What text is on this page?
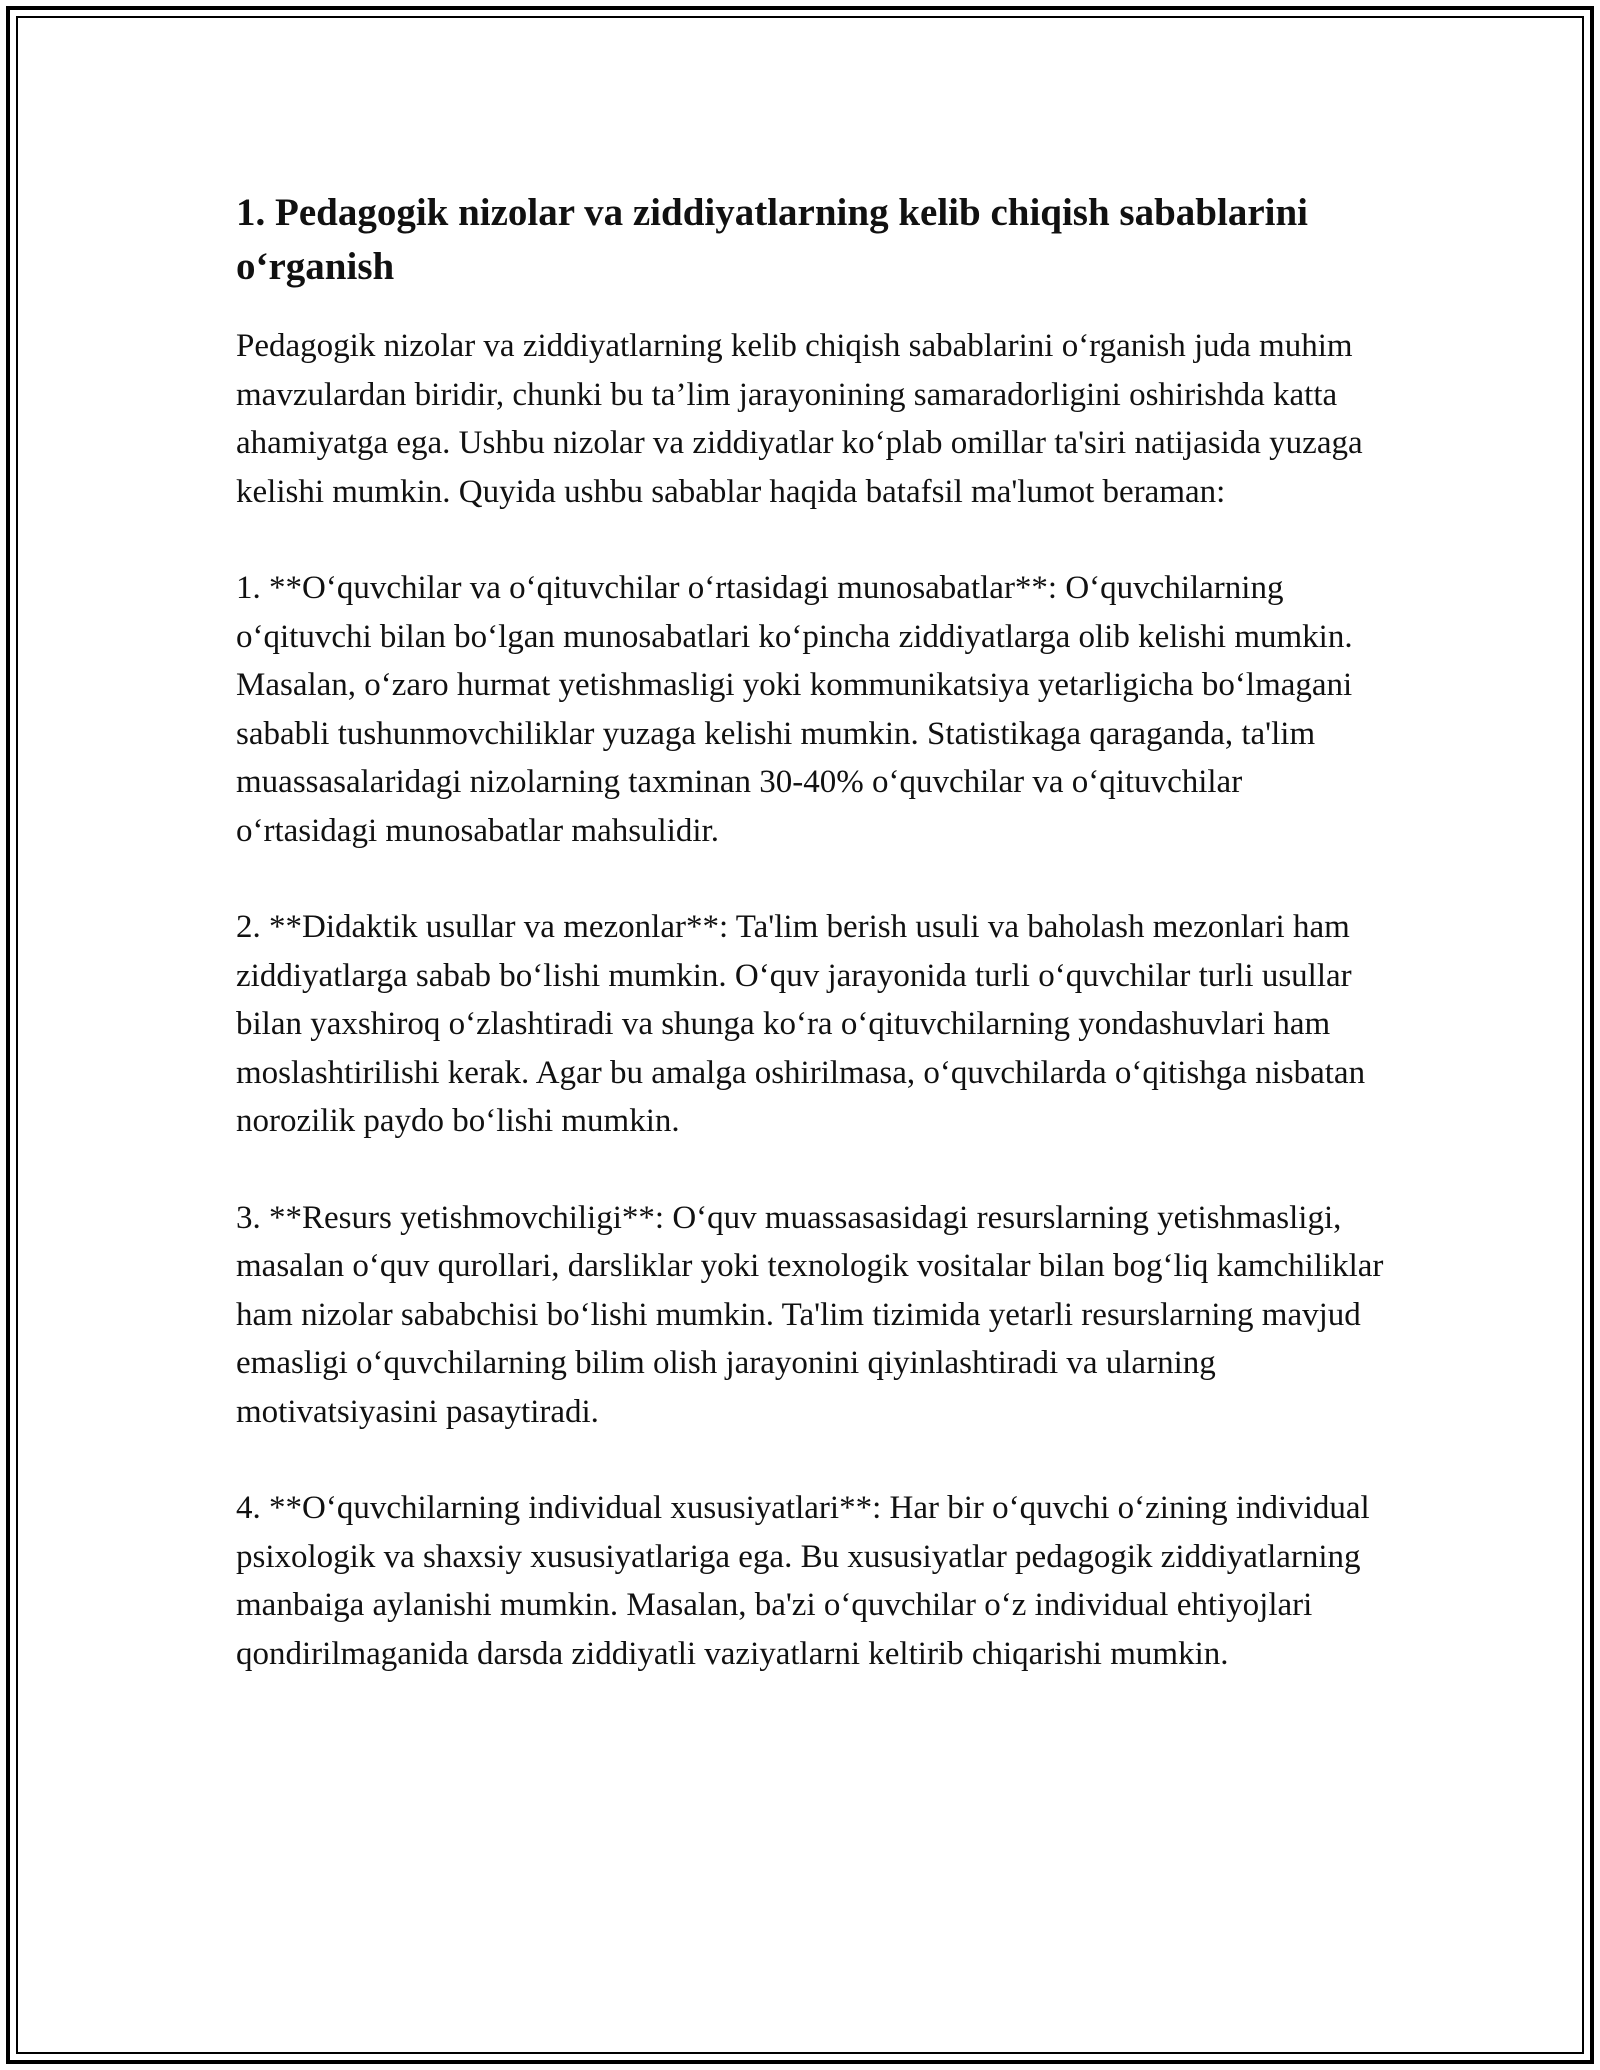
1. Pedagogik nizolar va ziddiyatlarning kelib chiqish sabablarini o‘rganish

Pedagogik nizolar va ziddiyatlarning kelib chiqish sabablarini o‘rganish juda muhim mavzulardan biridir, chunki bu ta’lim jarayonining samaradorligini oshirishda katta ahamiyatga ega. Ushbu nizolar va ziddiyatlar ko‘plab omillar ta'siri natijasida yuzaga kelishi mumkin. Quyida ushbu sabablar haqida batafsil ma'lumot beraman:

1. **O‘quvchilar va o‘qituvchilar o‘rtasidagi munosabatlar**: O‘quvchilarning o‘qituvchi bilan bo‘lgan munosabatlari ko‘pincha ziddiyatlarga olib kelishi mumkin. Masalan, o‘zaro hurmat yetishmasligi yoki kommunikatsiya yetarligicha bo‘lmagani sababli tushunmovchiliklar yuzaga kelishi mumkin. Statistikaga qaraganda, ta'lim muassasalaridagi nizolarning taxminan 30-40% o‘quvchilar va o‘qituvchilar o‘rtasidagi munosabatlar mahsulidir.

2. **Didaktik usullar va mezonlar**: Ta'lim berish usuli va baholash mezonlari ham ziddiyatlarga sabab bo‘lishi mumkin. O‘quv jarayonida turli o‘quvchilar turli usullar bilan yaxshiroq o‘zlashtiradi va shunga ko‘ra o‘qituvchilarning yondashuvlari ham moslashtirilishi kerak. Agar bu amalga oshirilmasa, o‘quvchilarda o‘qitishga nisbatan norozilik paydo bo‘lishi mumkin.

3. **Resurs yetishmovchiligi**: O‘quv muassasasidagi resurslarning yetishmasligi, masalan o‘quv qurollari, darsliklar yoki texnologik vositalar bilan bog‘liq kamchiliklar ham nizolar sababchisi bo‘lishi mumkin. Ta'lim tizimida yetarli resurslarning mavjud emasligi o‘quvchilarning bilim olish jarayonini qiyinlashtiradi va ularning motivatsiyasini pasaytiradi.

4. **O‘quvchilarning individual xususiyatlari**: Har bir o‘quvchi o‘zining individual psixologik va shaxsiy xususiyatlariga ega. Bu xususiyatlar pedagogik ziddiyatlarning manbaiga aylanishi mumkin. Masalan, ba'zi o‘quvchilar o‘z individual ehtiyojlari qondirilmaganida darsda ziddiyatli vaziyatlarni keltirib chiqarishi mumkin.
